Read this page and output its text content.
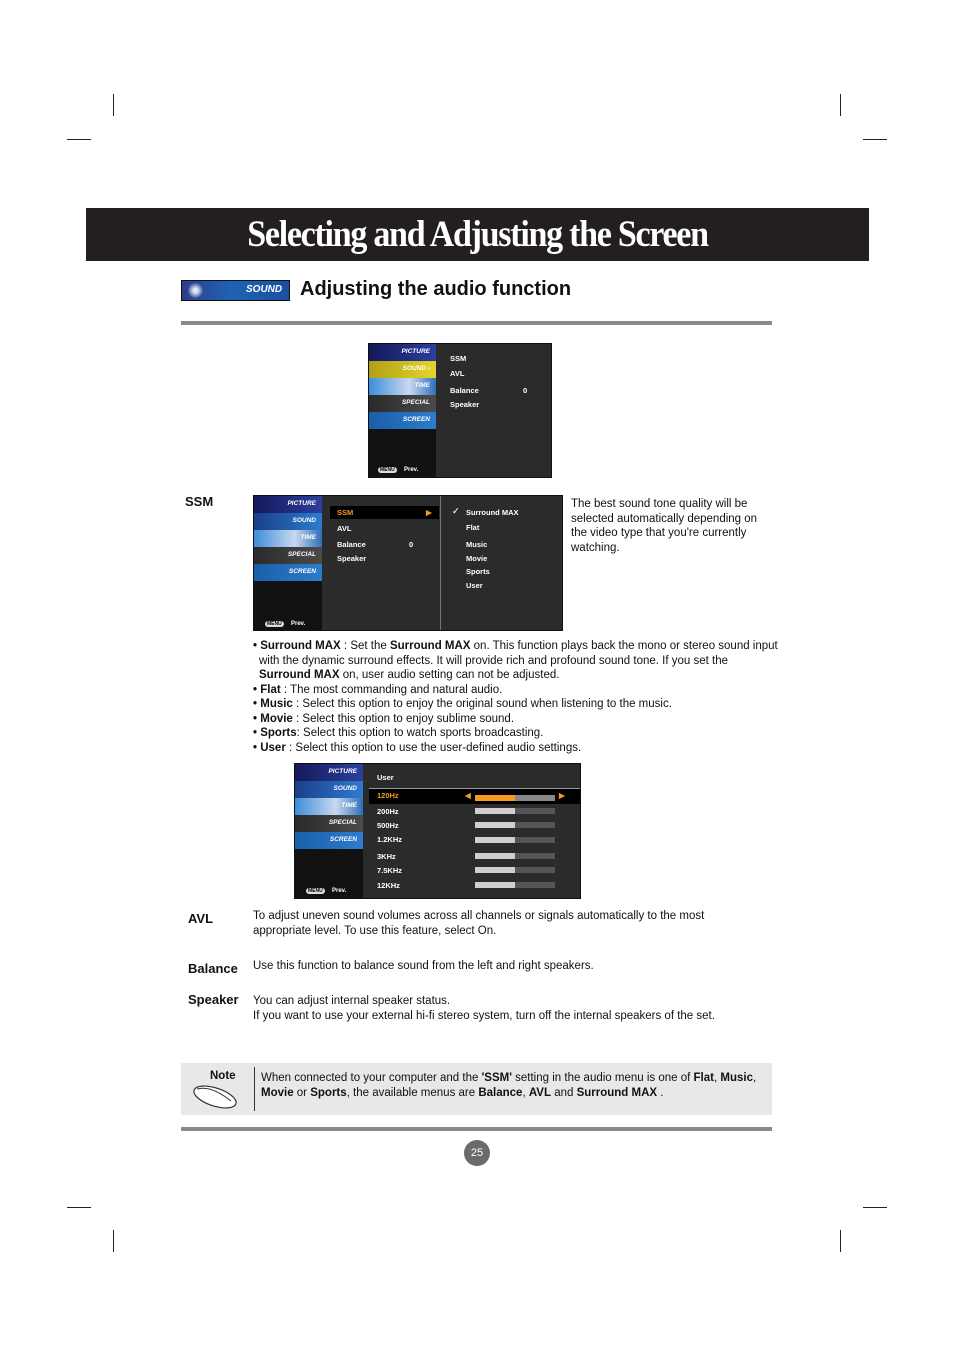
Selecting and Adjusting the Screen
SOUND Adjusting the audio function
PICTURE
SOUND ›
TIME
SPECIAL
SCREEN
MENU	Prev.
SSM
AVL
Balance	0
Speaker
SSM	PICTURE
SOUND
TIME
SPECIAL
SCREEN
MENU	Prev.
SSM	▶
AVL
Balance	0
Speaker
✓ Surround MAX
Flat
Music
Movie
Sports
User
The best sound tone quality will be selected automatically depending on the video type that you're currently watching.
• Surround MAX : Set the Surround MAX on. This function plays back the mono or stereo sound input
with the dynamic surround effects. It will provide rich and profound sound tone. If you set the
Surround MAX on, user audio setting can not be adjusted.
• Flat : The most commanding and natural audio.
• Music : Select this option to enjoy the original sound when listening to the music.
• Movie : Select this option to enjoy sublime sound.
• Sports: Select this option to watch sports broadcasting.
• User : Select this option to use the user-defined audio settings.
PICTURE
SOUND
TIME
SPECIAL
SCREEN
MENU	Prev.
User
◀	▶
120Hz
200Hz
500Hz
1.2KHz
3KHz
7.5KHz
12KHz
AVL	To adjust uneven sound volumes across all channels or signals automatically to the most
appropriate level. To use this feature, select On.
Balance Use this function to balance sound from the left and right speakers.
Speaker You can adjust internal speaker status.
If you want to use your external hi-fi stereo system, turn off the internal speakers of the set.
Note When connected to your computer and the 'SSM' setting in the audio menu is one of Flat, Music,
Movie or Sports, the available menus are Balance, AVL and Surround MAX .
25
